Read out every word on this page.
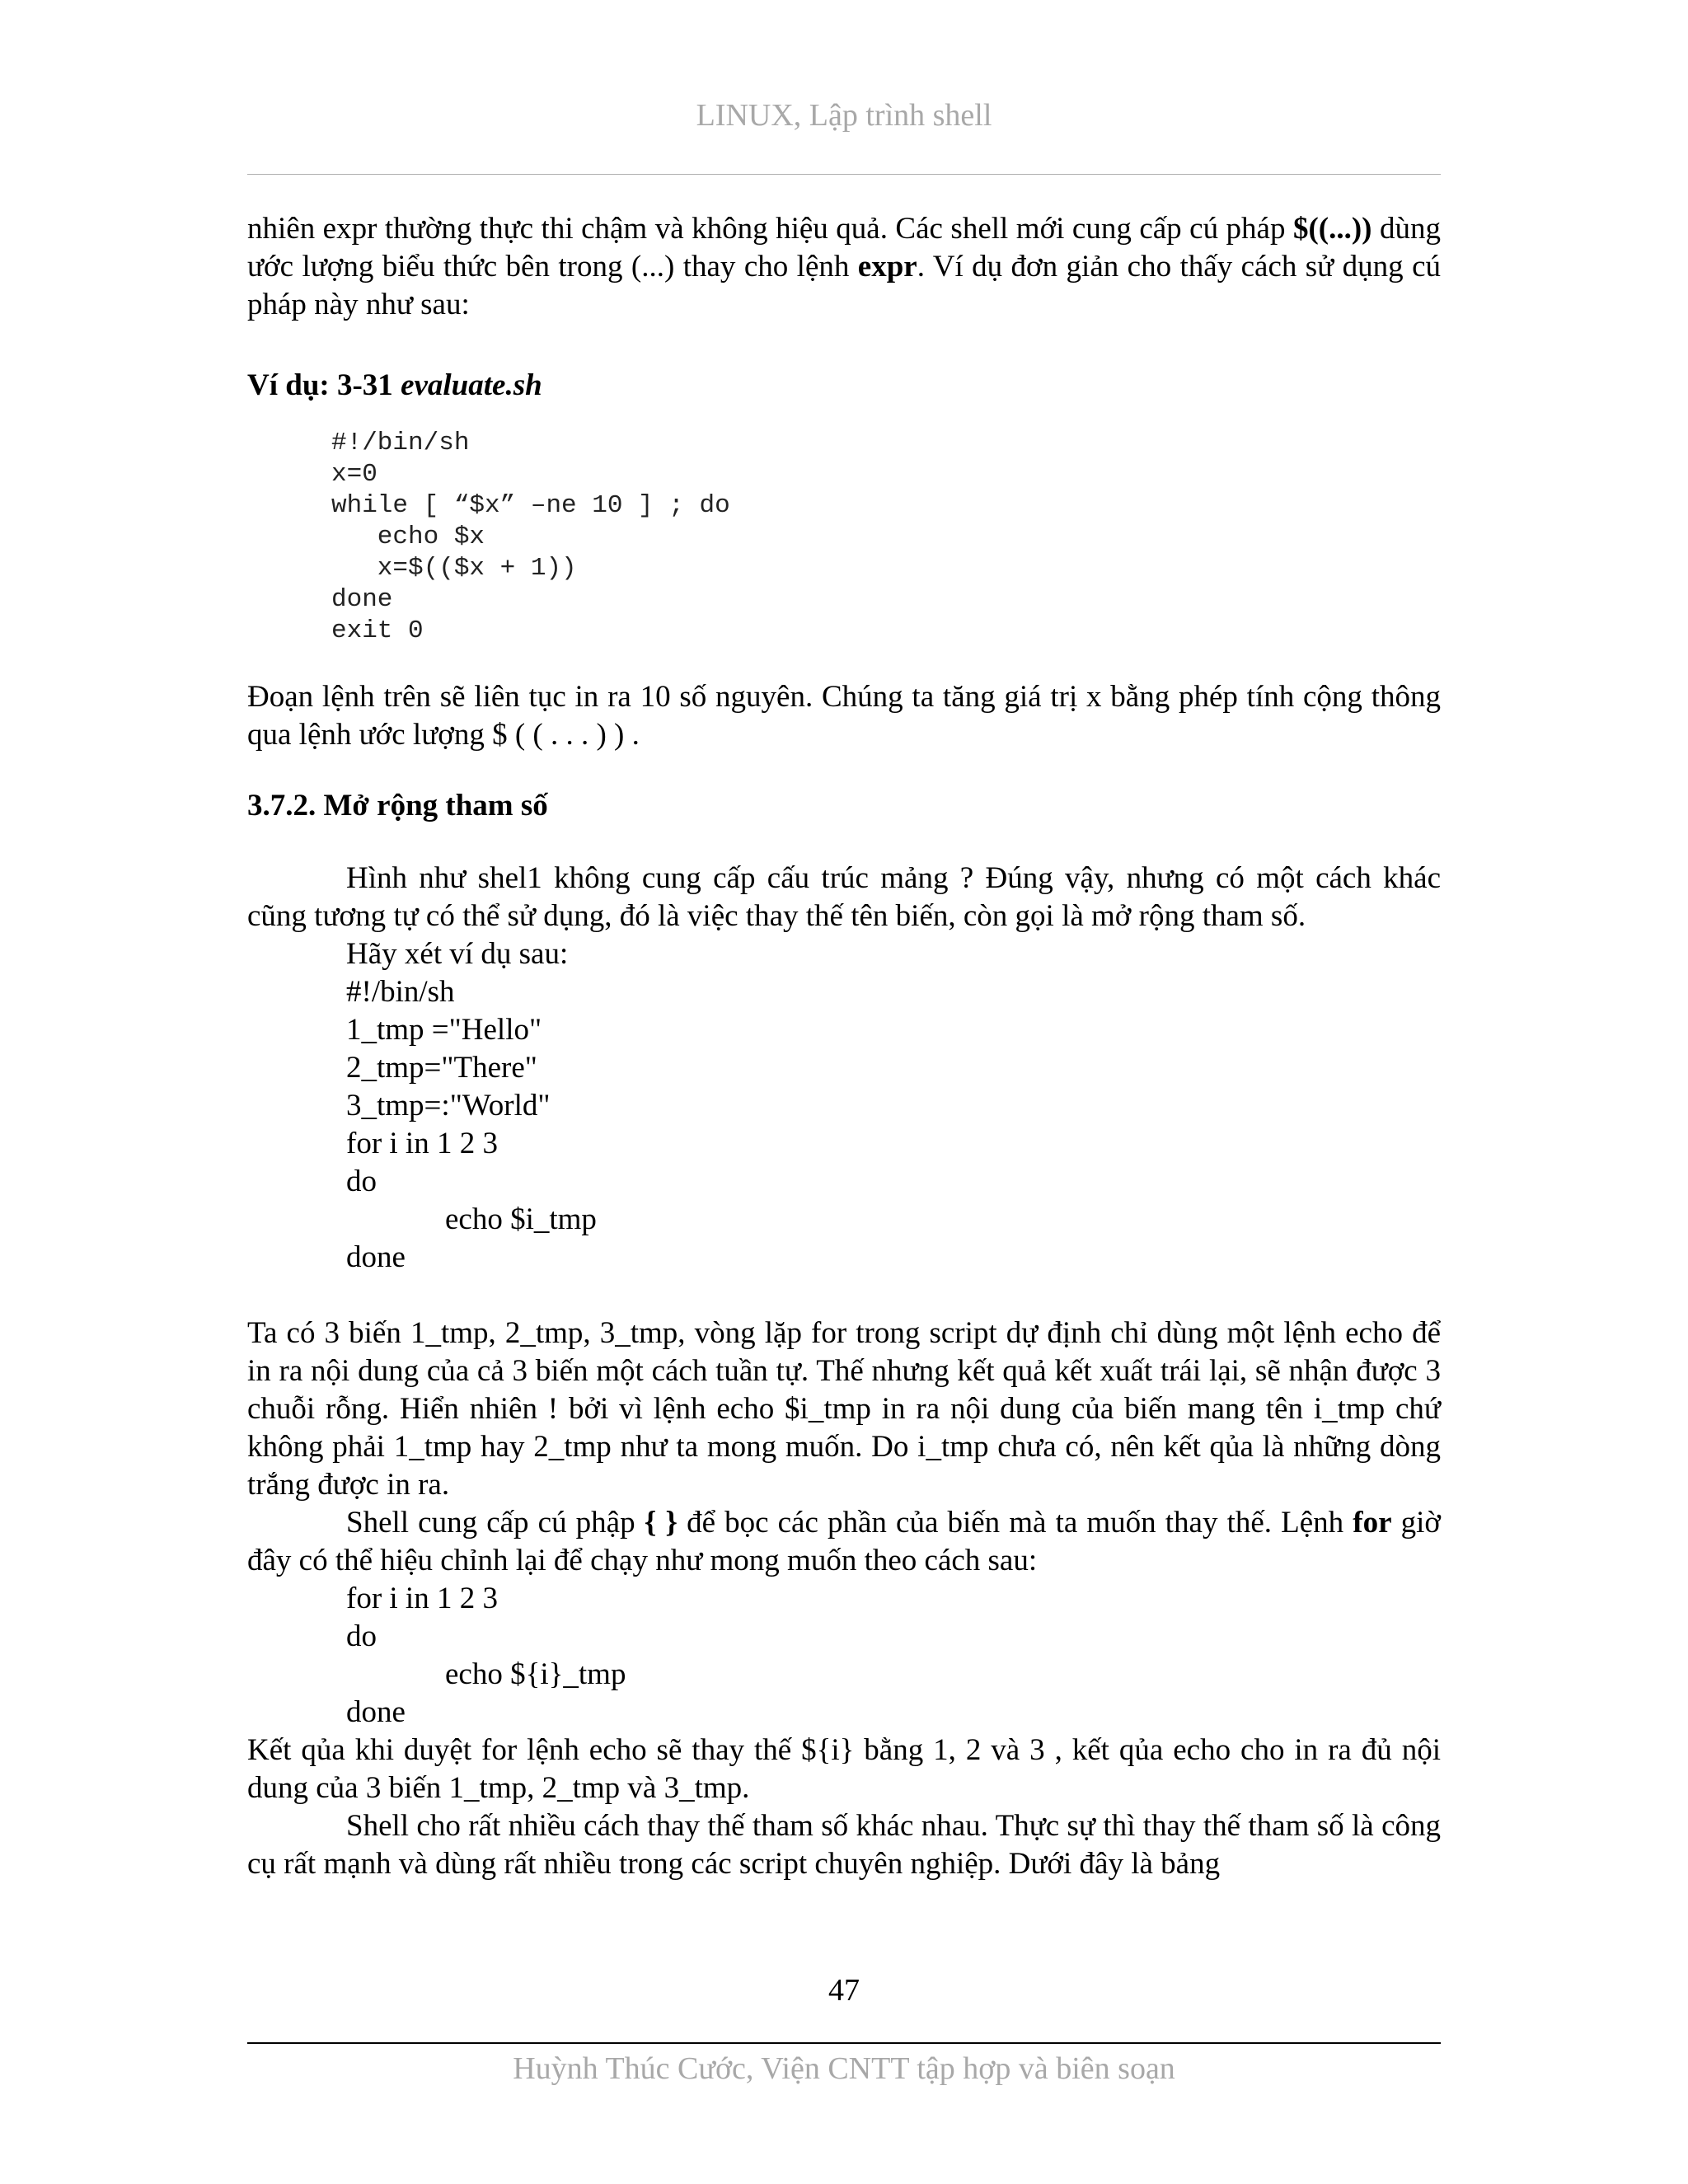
LINUX, Lập trình shell

nhiên expr thường thực thi chậm và không hiệu quả. Các shell mới cung cấp cú pháp $((...)) dùng ước lượng biểu thức bên trong (...) thay cho lệnh expr. Ví dụ đơn giản cho thấy cách sử dụng cú pháp này như sau:

Ví dụ: 3-31 evaluate.sh
#!/bin/sh
x=0
while [ “$x” –ne 10 ] ; do
echo $x
x=$(($x + 1))
done
exit 0

Đoạn lệnh trên sẽ liên tục in ra 10 số nguyên. Chúng ta tăng giá trị x bằng phép tính cộng thông qua lệnh ước lượng $ ( ( . . . ) ) .

3.7.2. Mở rộng tham số

Hình như shel1 không cung cấp cấu trúc mảng ? Đúng vậy, nhưng có một cách khác cũng tương tự có thể sử dụng, đó là việc thay thế tên biến, còn gọi là mở rộng tham số.

Hãy xét ví dụ sau:
#!/bin/sh
1_tmp ="Hello"
2_tmp="There"
3_tmp=:"World"
for i in 1 2 3
do
echo $i_tmp
done

Ta có 3 biến 1_tmp, 2_tmp, 3_tmp, vòng lặp for trong script dự định chỉ dùng một lệnh echo để in ra nội dung của cả 3 biến một cách tuần tự. Thế nhưng kết quả kết xuất trái lại, sẽ nhận được 3 chuỗi rỗng. Hiển nhiên ! bởi vì lệnh echo $i_tmp in ra nội dung của biến mang tên i_tmp chứ không phải 1_tmp hay 2_tmp như ta mong muốn. Do i_tmp chưa có, nên kết qủa là những dòng trắng được in ra.

Shell cung cấp cú phập { } để bọc các phần của biến mà ta muốn thay thế. Lệnh for giờ đây có thể hiệu chỉnh lại để chạy như mong muốn theo cách sau:

for i in 1 2 3
do
echo ${i}_tmp
done

Kết qủa khi duyệt for lệnh echo sẽ thay thế ${i} bằng 1, 2 và 3 , kết qủa echo cho in ra đủ nội dung của 3 biến 1_tmp, 2_tmp và 3_tmp.

Shell cho rất nhiều cách thay thế tham số khác nhau. Thực sự thì thay thế tham số là công cụ rất mạnh và dùng rất nhiều trong các script chuyên nghiệp. Dưới đây là bảng

47
Huỳnh Thúc Cước, Viện CNTT tập hợp và biên soạn
